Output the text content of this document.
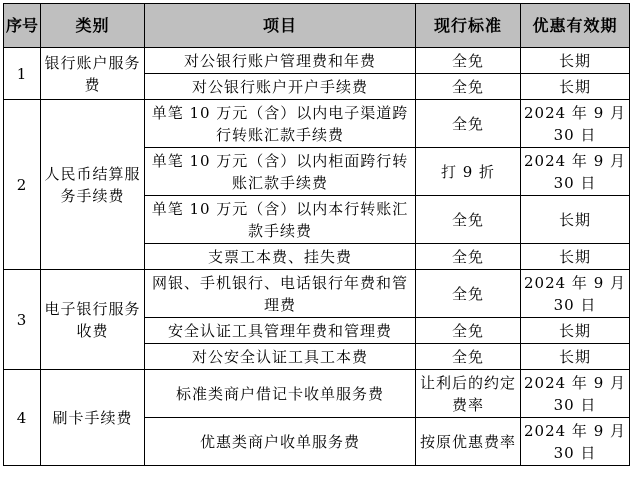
序号	类别	项目	现行标准	优惠有效期
1	银行账户服务费	对公银行账户管理费和年费	全免	长期
		对公银行账户开户手续费	全免	长期
2	人民币结算服务手续费	单笔 10 万元（含）以内电子渠道跨行转账汇款手续费	全免	2024 年 9 月 30 日
		单笔 10 万元（含）以内柜面跨行转账汇款手续费	打 9 折	2024 年 9 月 30 日
		单笔 10 万元（含）以内本行转账汇款手续费	全免	长期
		支票工本费、挂失费	全免	长期
3	电子银行服务收费	网银、手机银行、电话银行年费和管理费	全免	2024 年 9 月 30 日
		安全认证工具管理年费和管理费	全免	长期
		对公安全认证工具工本费	全免	长期
4	刷卡手续费	标准类商户借记卡收单服务费	让利后的约定费率	2024 年 9 月 30 日
		优惠类商户收单服务费	按原优惠费率	2024 年 9 月 30 日
